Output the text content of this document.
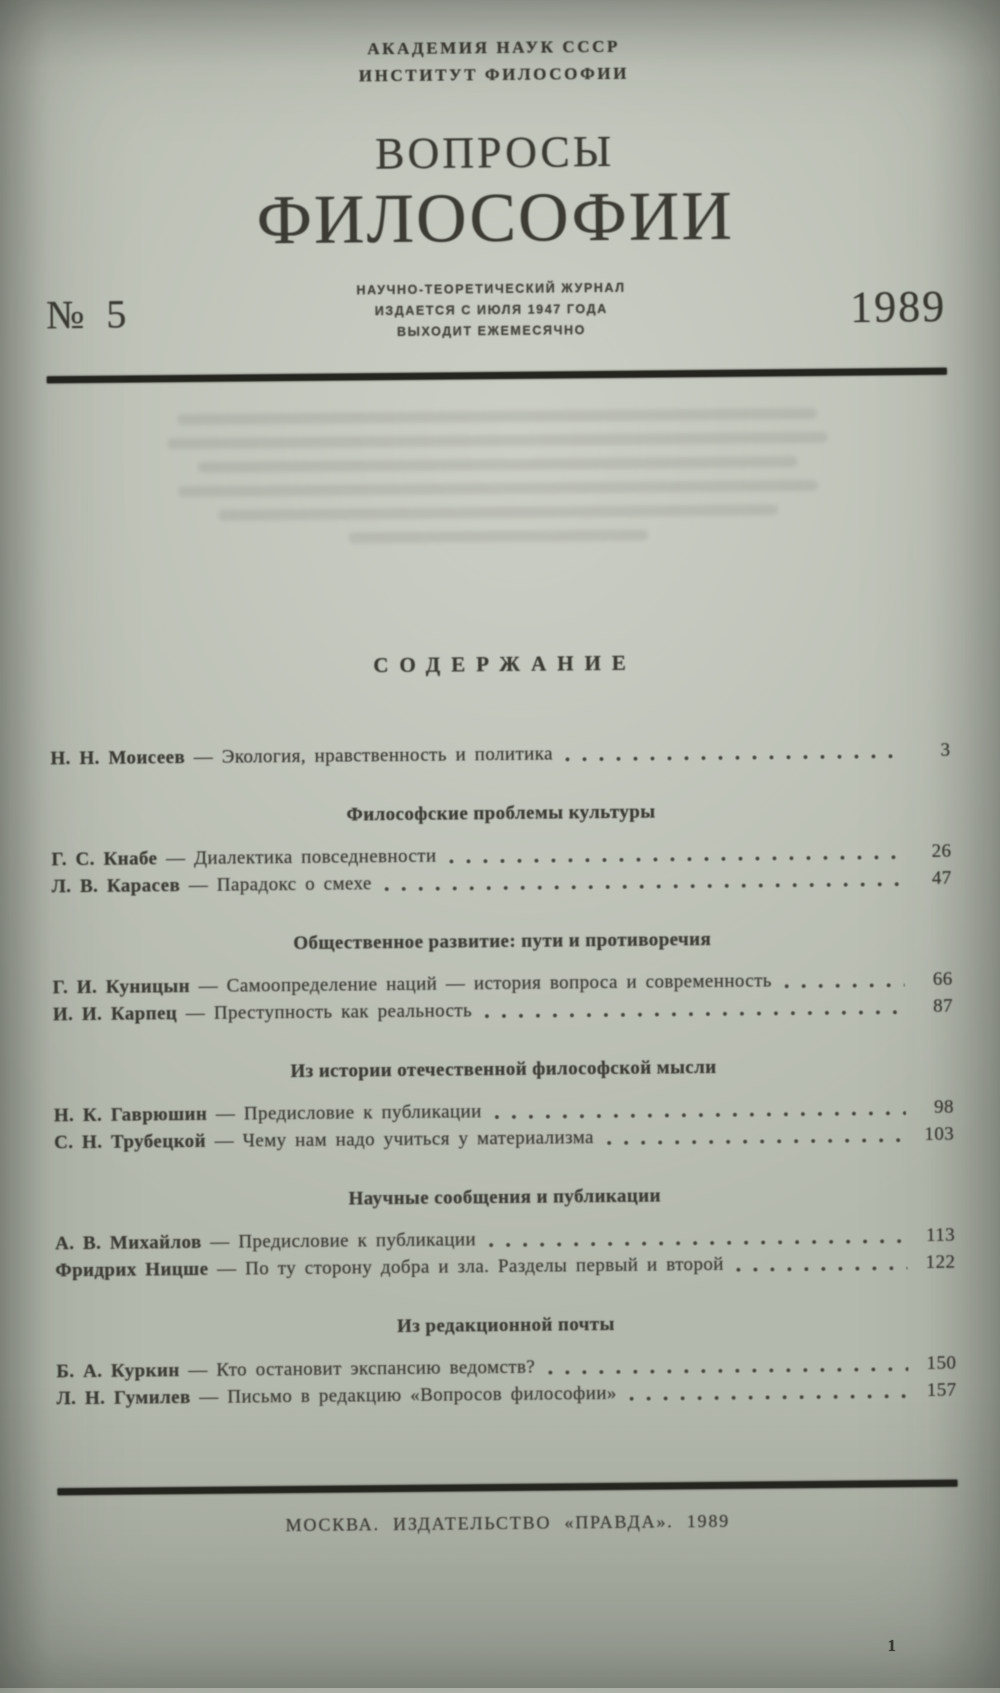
АКАДЕМИЯ НАУК СССР
ИНСТИТУТ ФИЛОСОФИИ
ВОПРОСЫ
ФИЛОСОФИИ
№ 5
НАУЧНО-ТЕОРЕТИЧЕСКИЙ ЖУРНАЛ
ИЗДАЕТСЯ С ИЮЛЯ 1947 ГОДА
ВЫХОДИТ ЕЖЕМЕСЯЧНО	1989
СОДЕРЖАНИЕ
Н. Н. Моисеев — Экология, нравственность и политика	3
Философские проблемы культуры
Г. С. Кнабе — Диалектика повседневности	26
Л. В. Карасев — Парадокс о смехе	47
Общественное развитие: пути и противоречия
Г. И. Куницын — Самоопределение наций — история вопроса и современность	66
И. И. Карпец — Преступность как реальность	87
Из истории отечественной философской мысли
Н. К. Гаврюшин — Предисловие к публикации	98
С. Н. Трубецкой — Чему нам надо учиться у материализма	103
Научные сообщения и публикации
А. В. Михайлов — Предисловие к публикации	113
Фридрих Ницше — По ту сторону добра и зла. Разделы первый и второй	122
Из редакционной почты
Б. А. Куркин — Кто остановит экспансию ведомств?	150
Л. Н. Гумилев — Письмо в редакцию «Вопросов философии»	157
МОСКВА. ИЗДАТЕЛЬСТВО «ПРАВДА». 1989
1
